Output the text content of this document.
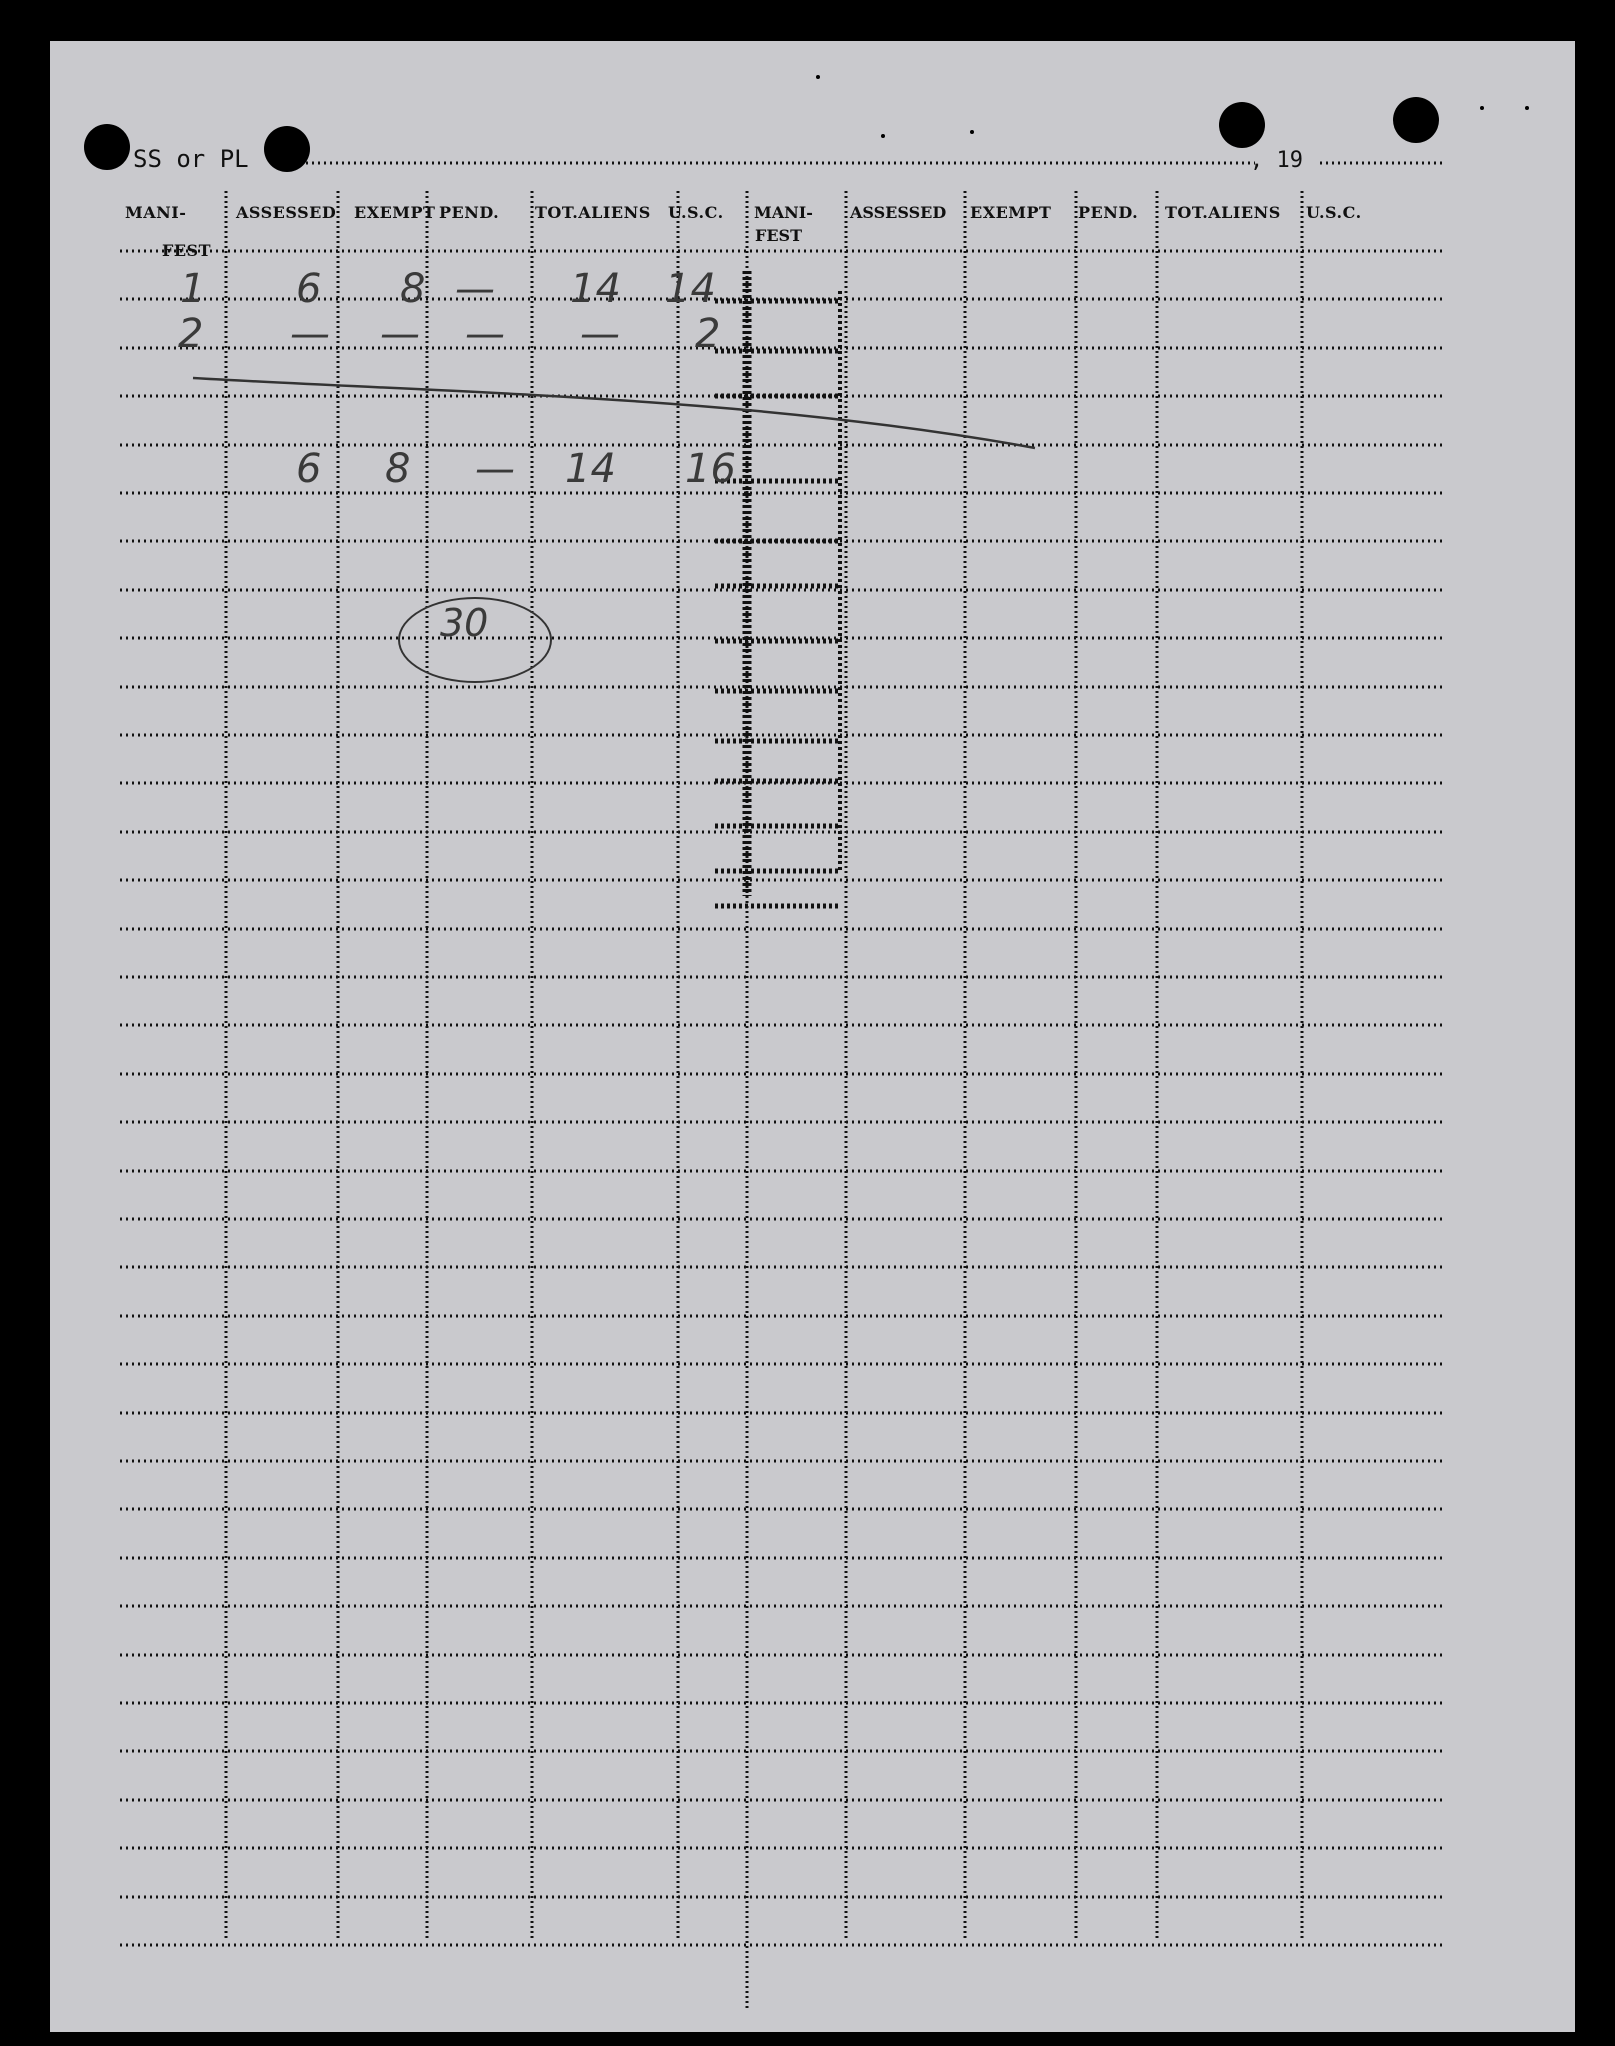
SS or PL	, 19
MANI-
FEST
ASSESSED EXEMPT PEND. TOT.ALIENS U.S.C. MANI-
FEST
ASSESSED EXEMPT PEND. TOT.ALIENS U.S.C.
1 6 8 — 14 14
2 — — — — 2
6 8 — 14 16
30
